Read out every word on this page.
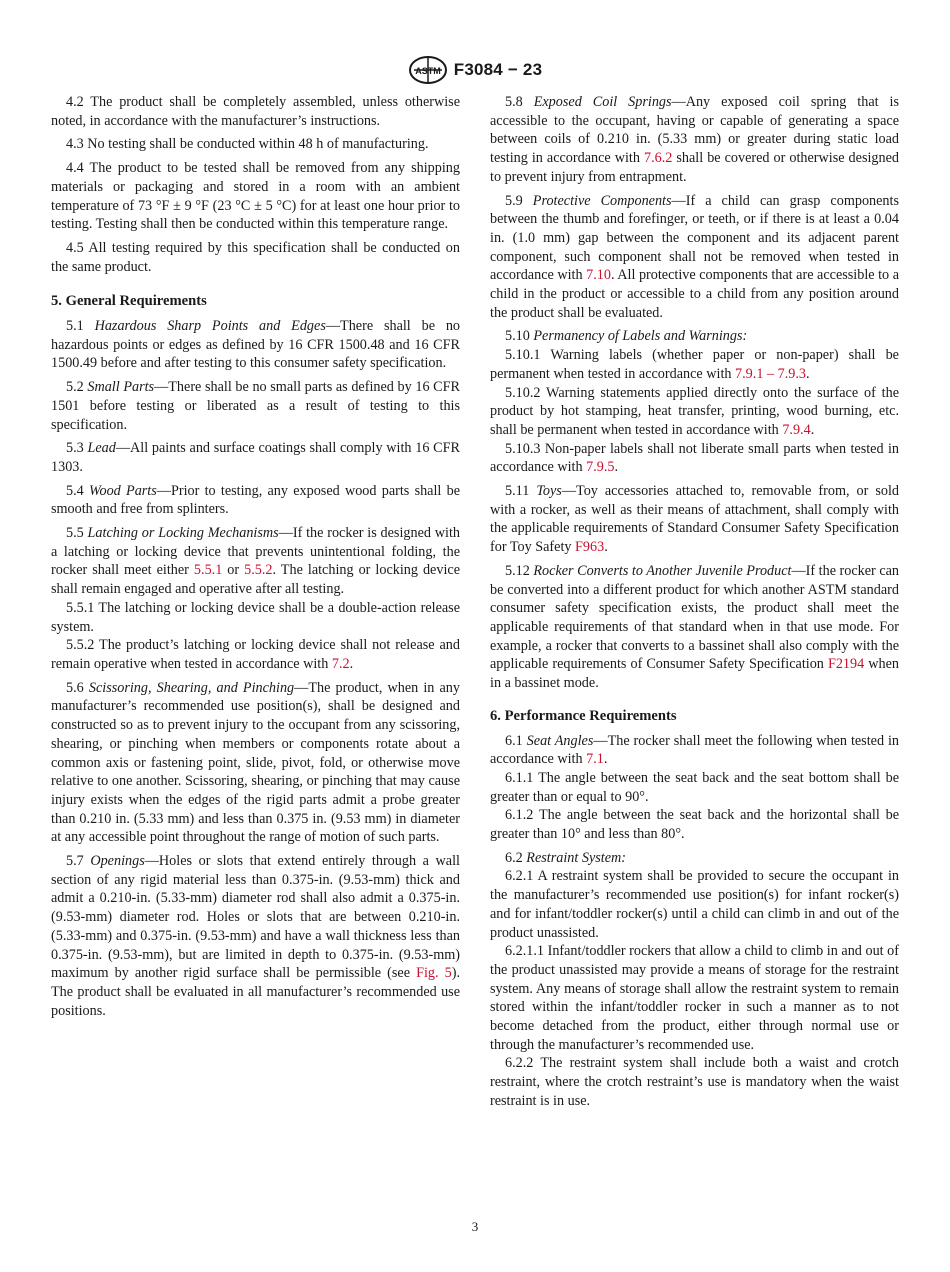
ASTM F3084 − 23

4.2 The product shall be completely assembled, unless otherwise noted, in accordance with the manufacturer’s instructions.

4.3 No testing shall be conducted within 48 h of manufacturing.

4.4 The product to be tested shall be removed from any shipping materials or packaging and stored in a room with an ambient temperature of 73 °F ± 9 °F (23 °C ± 5 °C) for at least one hour prior to testing. Testing shall then be conducted within this temperature range.

4.5 All testing required by this specification shall be conducted on the same product.

5. General Requirements

5.1 Hazardous Sharp Points and Edges—There shall be no hazardous points or edges as defined by 16 CFR 1500.48 and 16 CFR 1500.49 before and after testing to this consumer safety specification.

5.2 Small Parts—There shall be no small parts as defined by 16 CFR 1501 before testing or liberated as a result of testing to this specification.

5.3 Lead—All paints and surface coatings shall comply with 16 CFR 1303.

5.4 Wood Parts—Prior to testing, any exposed wood parts shall be smooth and free from splinters.

5.5 Latching or Locking Mechanisms—If the rocker is designed with a latching or locking device that prevents unintentional folding, the rocker shall meet either 5.5.1 or 5.5.2. The latching or locking device shall remain engaged and operative after all testing.

5.5.1 The latching or locking device shall be a double-action release system.

5.5.2 The product’s latching or locking device shall not release and remain operative when tested in accordance with 7.2.

5.6 Scissoring, Shearing, and Pinching—The product, when in any manufacturer’s recommended use position(s), shall be designed and constructed so as to prevent injury to the occupant from any scissoring, shearing, or pinching when members or components rotate about a common axis or fastening point, slide, pivot, fold, or otherwise move relative to one another. Scissoring, shearing, or pinching that may cause injury exists when the edges of the rigid parts admit a probe greater than 0.210 in. (5.33 mm) and less than 0.375 in. (9.53 mm) in diameter at any accessible point throughout the range of motion of such parts.

5.7 Openings—Holes or slots that extend entirely through a wall section of any rigid material less than 0.375-in. (9.53-mm) thick and admit a 0.210-in. (5.33-mm) diameter rod shall also admit a 0.375-in. (9.53-mm) diameter rod. Holes or slots that are between 0.210-in. (5.33-mm) and 0.375-in. (9.53-mm) and have a wall thickness less than 0.375-in. (9.53-mm), but are limited in depth to 0.375-in. (9.53-mm) maximum by another rigid surface shall be permissible (see Fig. 5). The product shall be evaluated in all manufacturer’s recommended use positions.

5.8 Exposed Coil Springs—Any exposed coil spring that is accessible to the occupant, having or capable of generating a space between coils of 0.210 in. (5.33 mm) or greater during static load testing in accordance with 7.6.2 shall be covered or otherwise designed to prevent injury from entrapment.

5.9 Protective Components—If a child can grasp components between the thumb and forefinger, or teeth, or if there is at least a 0.04 in. (1.0 mm) gap between the component and its adjacent parent component, such component shall not be removed when tested in accordance with 7.10. All protective components that are accessible to a child in the product or accessible to a child from any position around the product shall be evaluated.

5.10 Permanency of Labels and Warnings:

5.10.1 Warning labels (whether paper or non-paper) shall be permanent when tested in accordance with 7.9.1 – 7.9.3.

5.10.2 Warning statements applied directly onto the surface of the product by hot stamping, heat transfer, printing, wood burning, etc. shall be permanent when tested in accordance with 7.9.4.

5.10.3 Non-paper labels shall not liberate small parts when tested in accordance with 7.9.5.

5.11 Toys—Toy accessories attached to, removable from, or sold with a rocker, as well as their means of attachment, shall comply with the applicable requirements of Standard Consumer Safety Specification for Toy Safety F963.

5.12 Rocker Converts to Another Juvenile Product—If the rocker can be converted into a different product for which another ASTM standard consumer safety specification exists, the product shall meet the applicable requirements of that standard when in that use mode. For example, a rocker that converts to a bassinet shall also comply with the applicable requirements of Consumer Safety Specification F2194 when in a bassinet mode.

6. Performance Requirements

6.1 Seat Angles—The rocker shall meet the following when tested in accordance with 7.1.

6.1.1 The angle between the seat back and the seat bottom shall be greater than or equal to 90°.

6.1.2 The angle between the seat back and the horizontal shall be greater than 10° and less than 80°.

6.2 Restraint System:

6.2.1 A restraint system shall be provided to secure the occupant in the manufacturer’s recommended use position(s) for infant rocker(s) and for infant/toddler rocker(s) until a child can climb in and out of the product unassisted.

6.2.1.1 Infant/toddler rockers that allow a child to climb in and out of the product unassisted may provide a means of storage for the restraint system. Any means of storage shall allow the restraint system to remain stored within the infant/toddler rocker in such a manner as to not become detached from the product, either through normal use or through the manufacturer’s recommended use.

6.2.2 The restraint system shall include both a waist and crotch restraint, where the crotch restraint’s use is mandatory when the waist restraint is in use.

3
